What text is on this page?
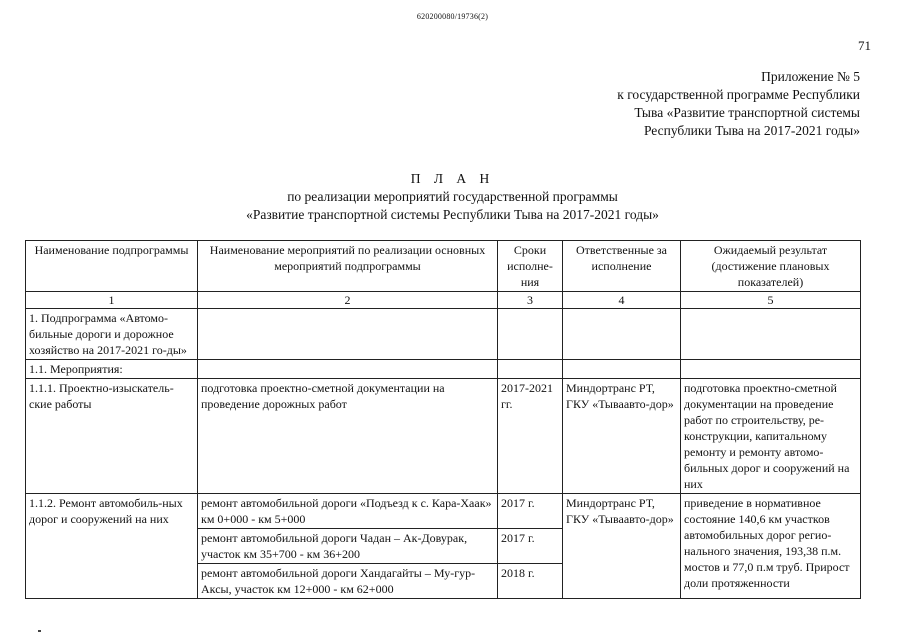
620200080/19736(2)
71
Приложение № 5
к государственной программе Республики
Тыва «Развитие транспортной системы
Республики Тыва на 2017-2021 годы»
П Л А Н
по реализации мероприятий государственной программы
«Развитие транспортной системы Республики Тыва на 2017-2021 годы»
Наименование подпрограммы	Наименование мероприятий по реализации основных мероприятий подпрограммы	Сроки исполне-ния	Ответственные за исполнение	Ожидаемый результат (достижение плановых показателей)
1	2	3	4	5
1. Подпрограмма «Автомо-бильные дороги и дорожное хозяйство на 2017-2021 го-ды»				
1.1. Мероприятия:				
1.1.1. Проектно-изыскатель-ские работы	подготовка проектно-сметной документации на проведение дорожных работ	2017-2021 гг.	Миндортранс РТ, ГКУ «Тываавто-дор»	подготовка проектно-сметной документации на проведение работ по строительству, ре-конструкции, капитальному ремонту и ремонту автомо-бильных дорог и сооружений на них
1.1.2. Ремонт автомобиль-ных дорог и сооружений на них	ремонт автомобильной дороги «Подъезд к с. Кара-Хаак» км 0+000 - км 5+000	2017 г.	Миндортранс РТ, ГКУ «Тываавто-дор»	приведение в нормативное состояние 140,6 км участков автомобильных дорог регио-нального значения, 193,38 п.м. мостов и 77,0 п.м труб. Прирост доли протяженности
	ремонт автомобильной дороги Чадан – Ак-Довурак, участок км 35+700 - км 36+200	2017 г.		
	ремонт автомобильной дороги Хандагайты – Му-гур-Аксы, участок км 12+000 - км 62+000	2018 г.		
